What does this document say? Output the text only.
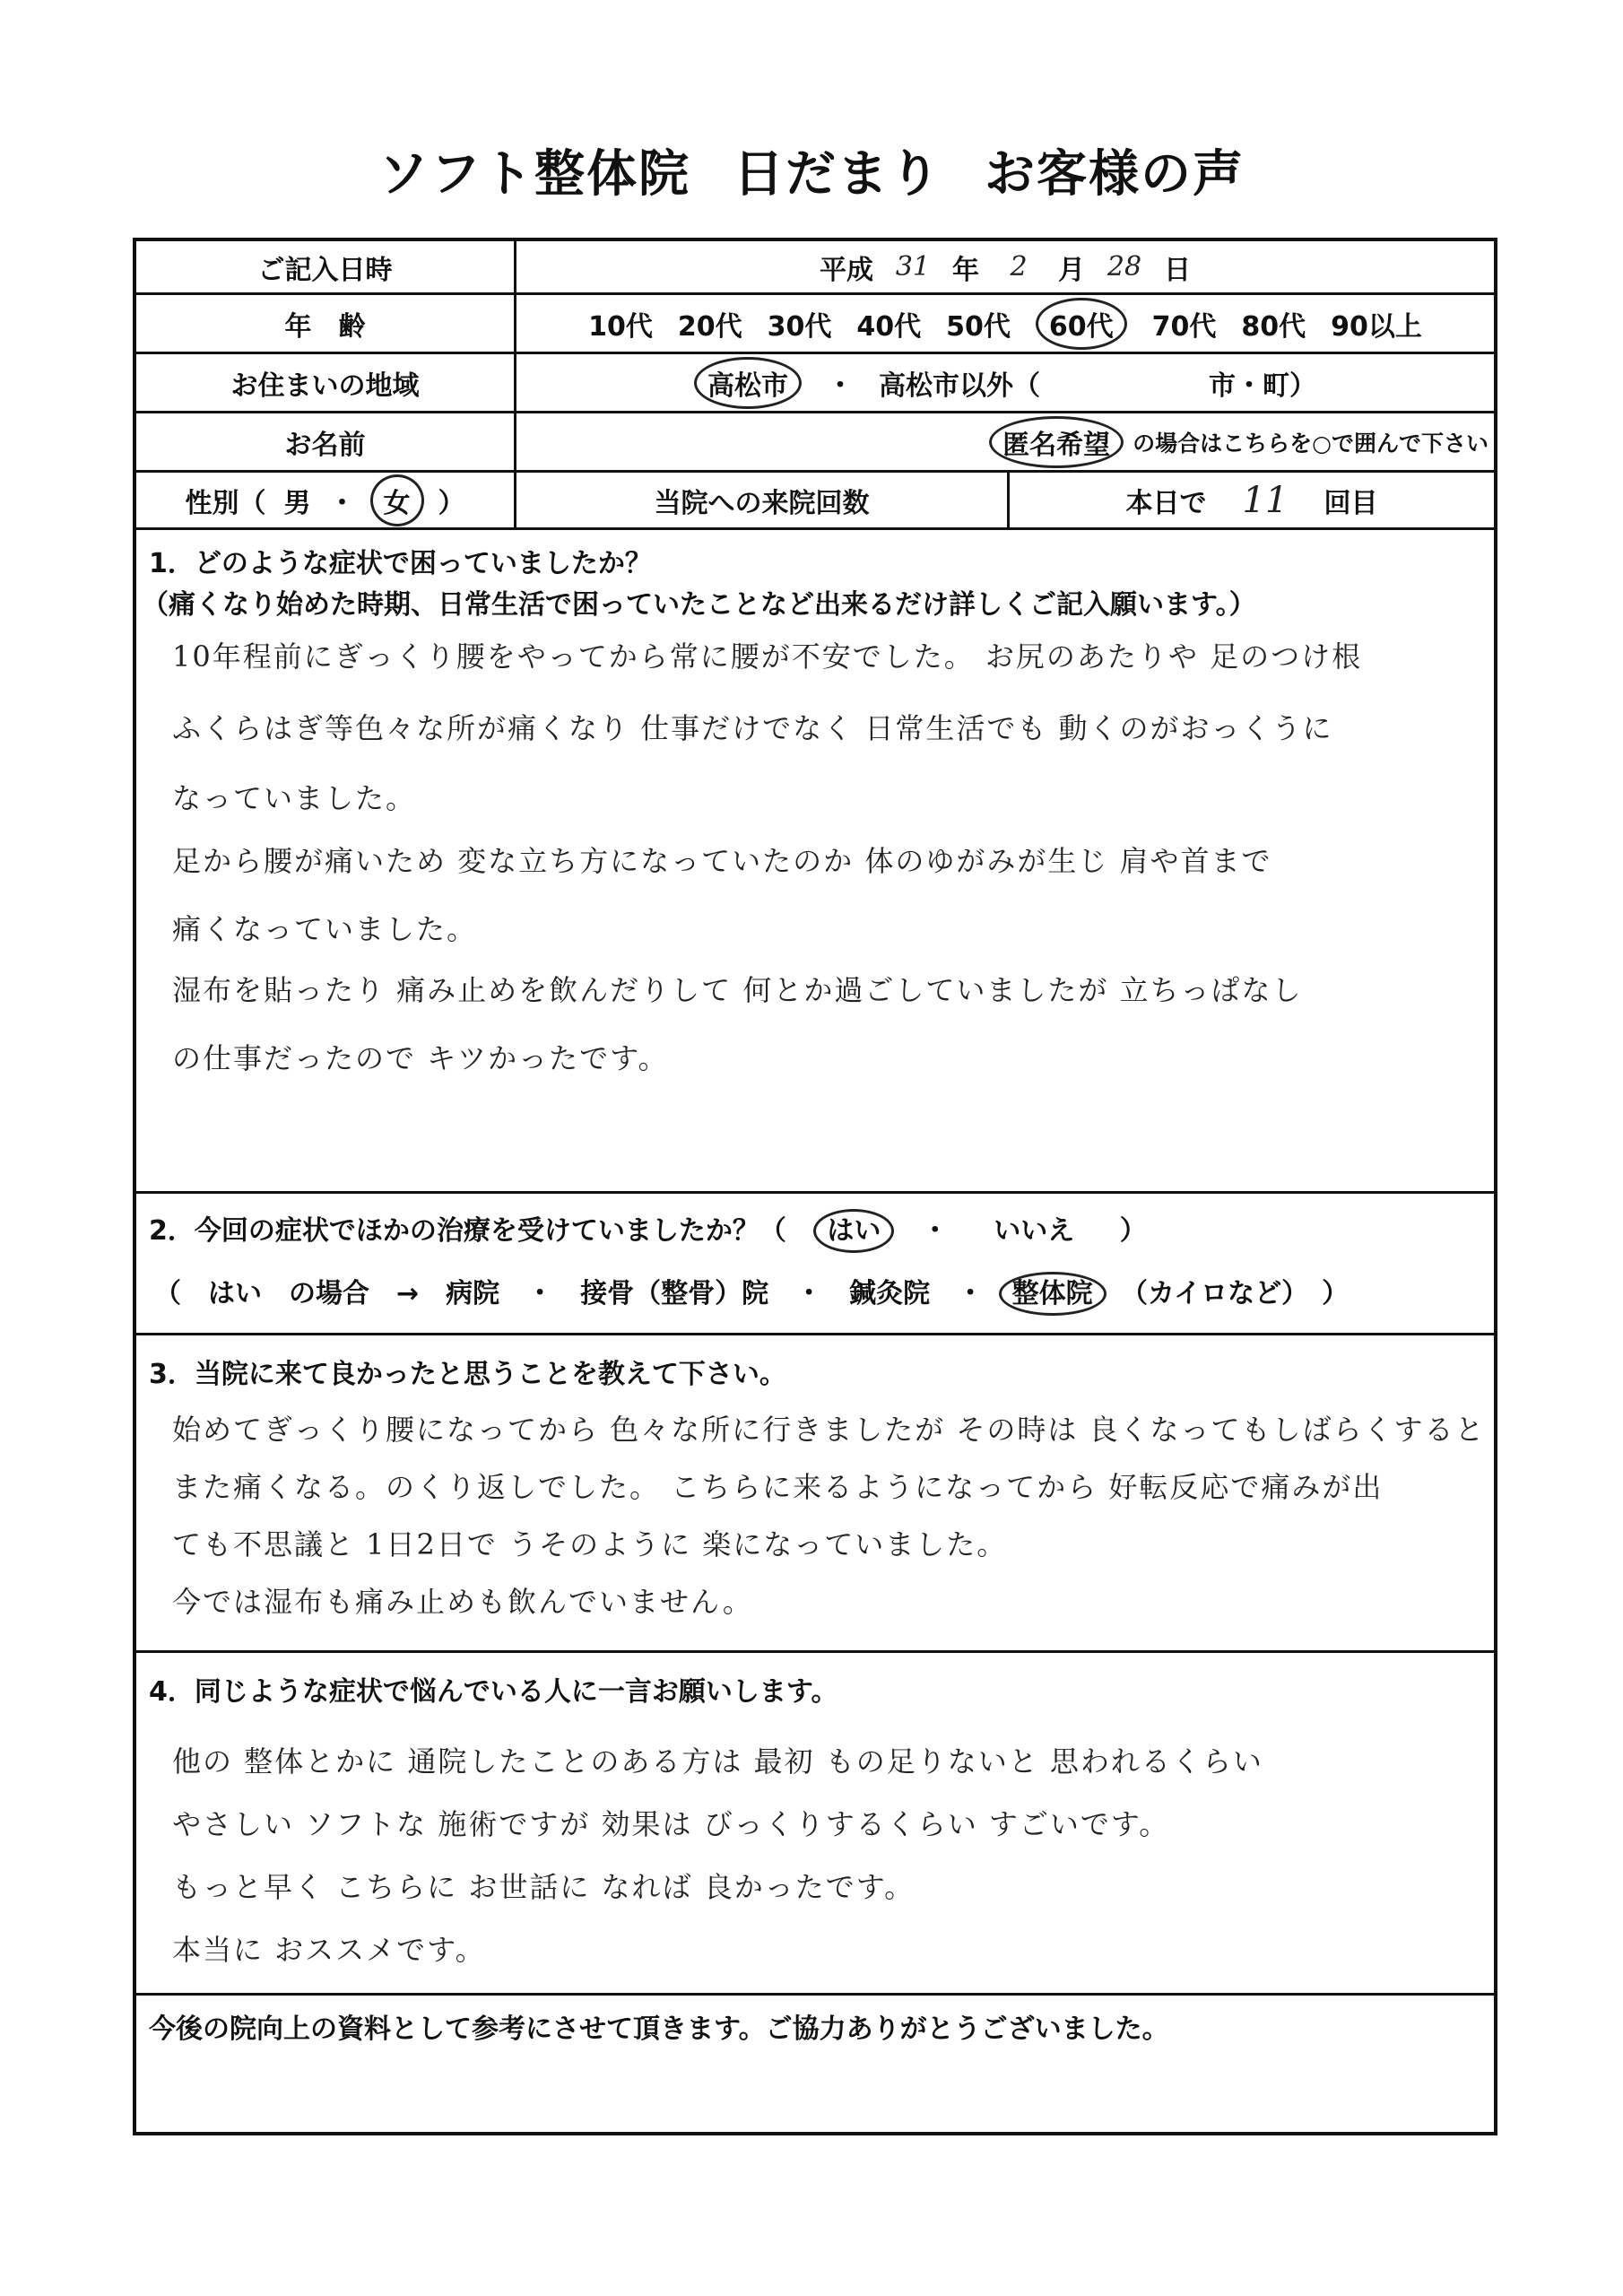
ソフト整体院 日だまり お客様の声
ご記入日時	平成 31 年	2	月 28 日
年　齢	10代 20代 30代 40代 50代	60代	70代 80代 90以上
お住まいの地域	高松市	・ 高松市以外（	市・町）
お名前	匿名希望	の場合はこちらを○で囲んで下さい
性別（ 男 ・	女	）	当院への来院回数	本日で 11 回目
1．どのような症状で困っていましたか？
（痛くなり始めた時期、日常生活で困っていたことなど出来るだけ詳しくご記入願います。）
10年程前にぎっくり腰をやってから常に腰が不安でした。 お尻のあたりや 足のつけ根
ふくらはぎ等色々な所が痛くなり 仕事だけでなく 日常生活でも 動くのがおっくうに
なっていました。
足から腰が痛いため 変な立ち方になっていたのか 体のゆがみが生じ 肩や首まで
痛くなっていました。
湿布を貼ったり 痛み止めを飲んだりして 何とか過ごしていましたが 立ちっぱなし
の仕事だったので キツかったです。
2．今回の症状でほかの治療を受けていましたか？（ はい ・ いいえ ）
（　はい　の場合　→　病院　・　接骨（整骨）院　・　鍼灸院　・ 整体院 （カイロなど）　）
3．当院に来て良かったと思うことを教えて下さい。
始めてぎっくり腰になってから 色々な所に行きましたが その時は 良くなってもしばらくすると
また痛くなる。のくり返しでした。 こちらに来るようになってから 好転反応で痛みが出
ても不思議と 1日2日で うそのように 楽になっていました。
今では湿布も痛み止めも飲んでいません。
4．同じような症状で悩んでいる人に一言お願いします。
他の 整体とかに 通院したことのある方は 最初 もの足りないと 思われるくらい
やさしい ソフトな 施術ですが 効果は びっくりするくらい すごいです。
もっと早く こちらに お世話に なれば 良かったです。
本当に おススメです。
今後の院向上の資料として参考にさせて頂きます。ご協力ありがとうございました。
